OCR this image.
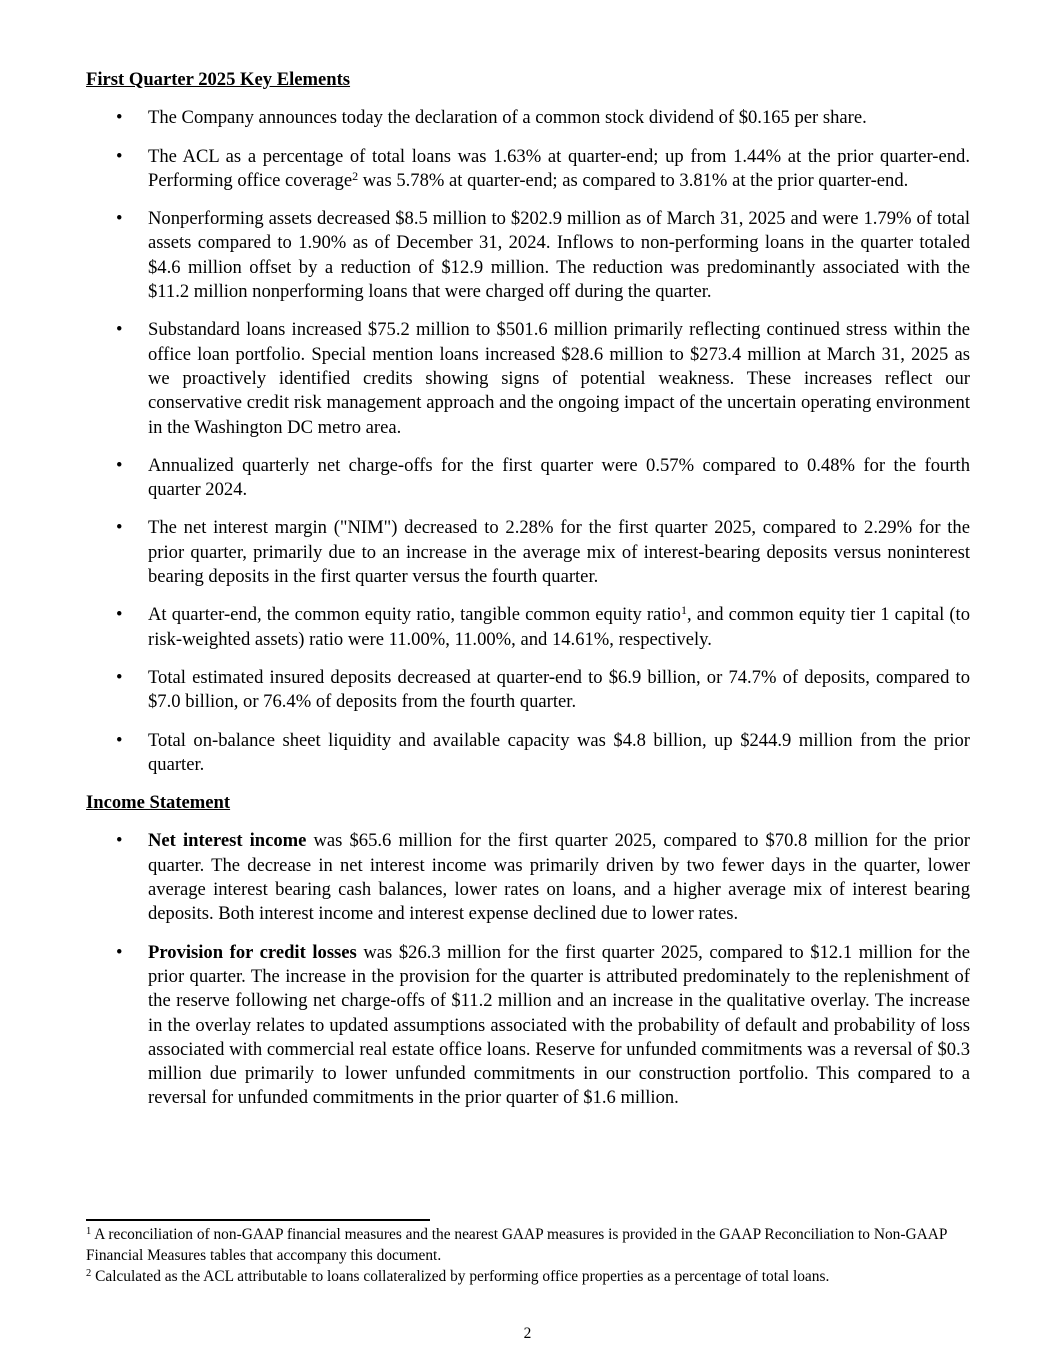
First Quarter 2025 Key Elements
• The Company announces today the declaration of a common stock dividend of $0.165 per share.
• The ACL as a percentage of total loans was 1.63% at quarter-end; up from 1.44% at the prior quarter-end. Performing office coverage$^2$ was 5.78% at quarter-end; as compared to 3.81% at the prior quarter-end.
• Nonperforming assets decreased $8.5 million to $202.9 million as of March 31, 2025 and were 1.79% of total assets compared to 1.90% as of December 31, 2024. Inflows to non-performing loans in the quarter totaled $4.6 million offset by a reduction of $12.9 million. The reduction was predominantly associated with the $11.2 million nonperforming loans that were charged off during the quarter.
• Substandard loans increased $75.2 million to $501.6 million primarily reflecting continued stress within the office loan portfolio. Special mention loans increased $28.6 million to $273.4 million at March 31, 2025 as we proactively identified credits showing signs of potential weakness. These increases reflect our conservative credit risk management approach and the ongoing impact of the uncertain operating environment in the Washington DC metro area.
• Annualized quarterly net charge-offs for the first quarter were 0.57% compared to 0.48% for the fourth quarter 2024.
• The net interest margin ("NIM") decreased to 2.28% for the first quarter 2025, compared to 2.29% for the prior quarter, primarily due to an increase in the average mix of interest-bearing deposits versus noninterest bearing deposits in the first quarter versus the fourth quarter.
• At quarter-end, the common equity ratio, tangible common equity ratio$^1$, and common equity tier 1 capital (to risk-weighted assets) ratio were 11.00%, 11.00%, and 14.61%, respectively.
• Total estimated insured deposits decreased at quarter-end to $6.9 billion, or 74.7% of deposits, compared to $7.0 billion, or 76.4% of deposits from the fourth quarter.
• Total on-balance sheet liquidity and available capacity was $4.8 billion, up $244.9 million from the prior quarter.
Income Statement
• Net interest income was $65.6 million for the first quarter 2025, compared to $70.8 million for the prior quarter. The decrease in net interest income was primarily driven by two fewer days in the quarter, lower average interest bearing cash balances, lower rates on loans, and a higher average mix of interest bearing deposits. Both interest income and interest expense declined due to lower rates.
• Provision for credit losses was $26.3 million for the first quarter 2025, compared to $12.1 million for the prior quarter. The increase in the provision for the quarter is attributed predominately to the replenishment of the reserve following net charge-offs of $11.2 million and an increase in the qualitative overlay. The increase in the overlay relates to updated assumptions associated with the probability of default and probability of loss associated with commercial real estate office loans. Reserve for unfunded commitments was a reversal of $0.3 million due primarily to lower unfunded commitments in our construction portfolio. This compared to a reversal for unfunded commitments in the prior quarter of $1.6 million.
$^1$ A reconciliation of non-GAAP financial measures and the nearest GAAP measures is provided in the GAAP Reconciliation to Non-GAAP Financial Measures tables that accompany this document.
$^2$ Calculated as the ACL attributable to loans collateralized by performing office properties as a percentage of total loans.
2
